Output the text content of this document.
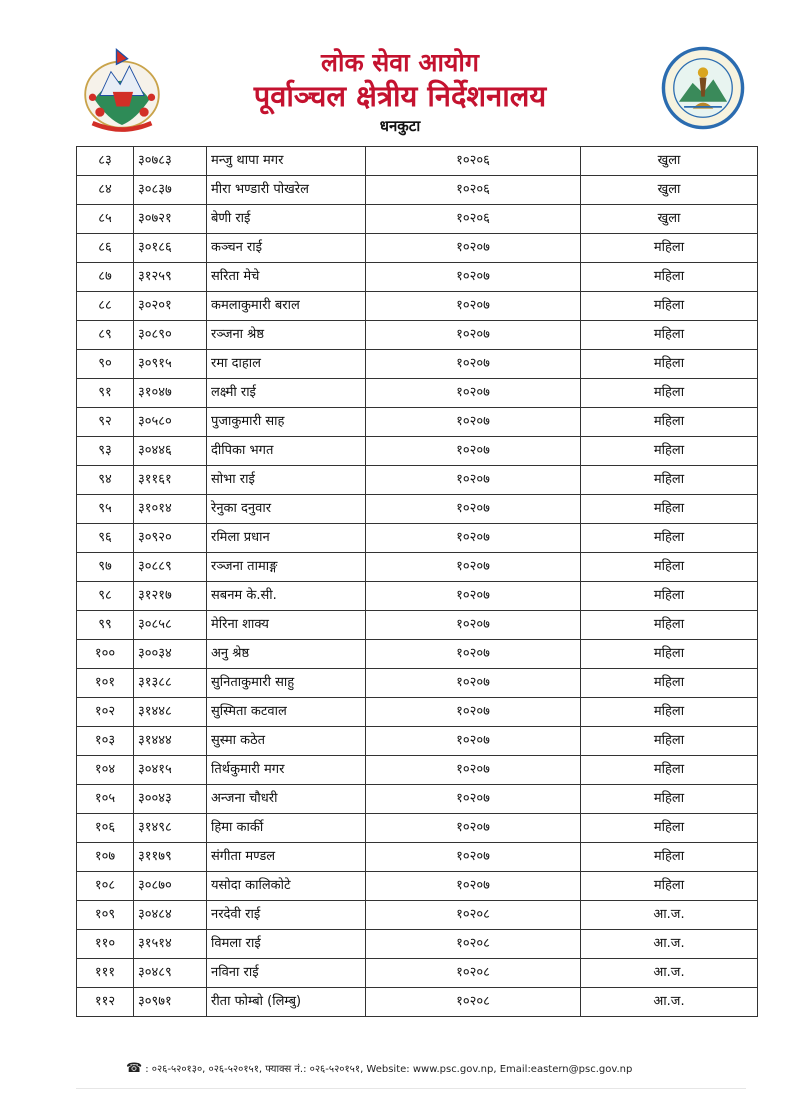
लोक सेवा आयोग
पूर्वाञ्चल क्षेत्रीय निर्देशनालय
धनकुटा
८३	३०७८३	मन्जु थापा मगर	१०२०६	खुला
८४	३०८३७	मीरा भण्डारी पोखरेल	१०२०६	खुला
८५	३०७२१	बेणी राई	१०२०६	खुला
८६	३०१८६	कञ्चन राई	१०२०७	महिला
८७	३१२५९	सरिता मेचे	१०२०७	महिला
८८	३०२०१	कमलाकुमारी बराल	१०२०७	महिला
८९	३०८९०	रञ्जना श्रेष्ठ	१०२०७	महिला
९०	३०९१५	रमा दाहाल	१०२०७	महिला
९१	३१०४७	लक्ष्मी राई	१०२०७	महिला
९२	३०५८०	पुजाकुमारी साह	१०२०७	महिला
९३	३०४४६	दीपिका भगत	१०२०७	महिला
९४	३११६१	सोभा राई	१०२०७	महिला
९५	३१०१४	रेनुका दनुवार	१०२०७	महिला
९६	३०९२०	रमिला प्रधान	१०२०७	महिला
९७	३०८८९	रञ्जना तामाङ्ग	१०२०७	महिला
९८	३१२१७	सबनम के.सी.	१०२०७	महिला
९९	३०८५८	मेरिना शाक्य	१०२०७	महिला
१००	३००३४	अनु श्रेष्ठ	१०२०७	महिला
१०१	३१३८८	सुनिताकुमारी साहु	१०२०७	महिला
१०२	३१४४८	सुस्मिता कटवाल	१०२०७	महिला
१०३	३१४४४	सुस्मा कठेत	१०२०७	महिला
१०४	३०४१५	तिर्थकुमारी मगर	१०२०७	महिला
१०५	३००४३	अन्जना चौधरी	१०२०७	महिला
१०६	३१४९८	हिमा कार्की	१०२०७	महिला
१०७	३११७९	संगीता मण्डल	१०२०७	महिला
१०८	३०८७०	यसोदा कालिकोटे	१०२०७	महिला
१०९	३०४८४	नरदेवी राई	१०२०८	आ.ज.
११०	३१५१४	विमला राई	१०२०८	आ.ज.
१११	३०४८९	नविना राई	१०२०८	आ.ज.
११२	३०९७१	रीता फोम्बो (लिम्बु)	१०२०८	आ.ज.
☎ : ०२६-५२०१३०, ०२६-५२०१५१, फ्याक्स नं.: ०२६-५२०१५१, Website: www.psc.gov.np, Email:eastern@psc.gov.np
